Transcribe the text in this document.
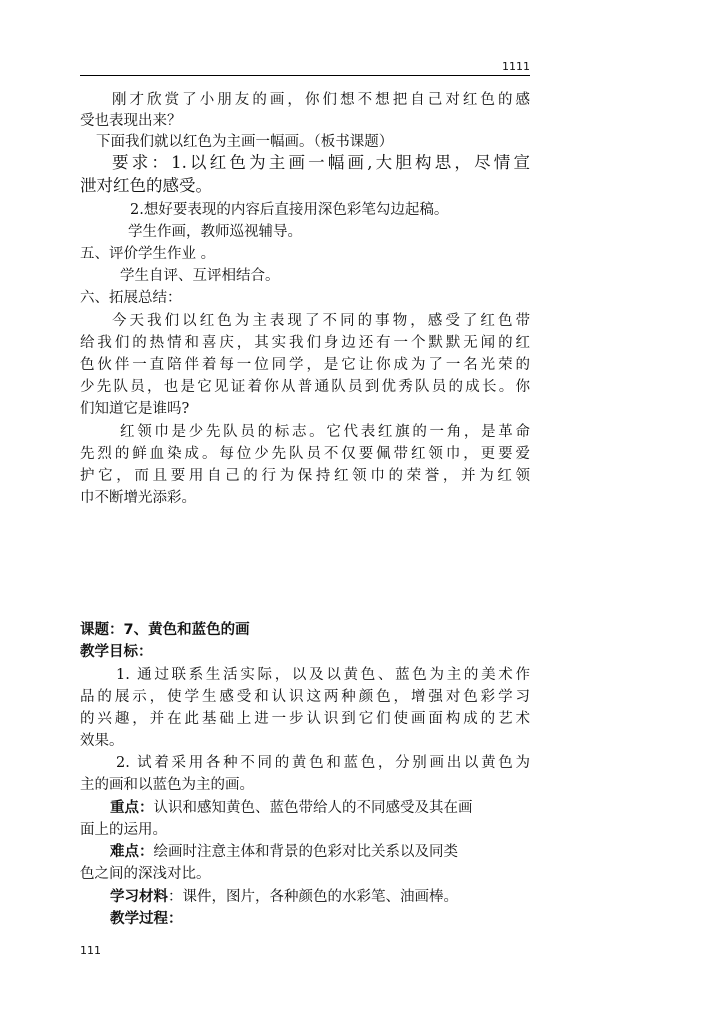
1111
刚才欣赏了小朋友的画，你们想不想把自己对红色的感
受也表现出来？
下面我们就以红色为主画一幅画。（板书课题）
要求：1.以红色为主画一幅画,大胆构思，尽情宣
泄对红色的感受。
2.想好要表现的内容后直接用深色彩笔勾边起稿。
学生作画，教师巡视辅导。
五、评价学生作业 。
学生自评、互评相结合。
六、拓展总结：
今天我们以红色为主表现了不同的事物，感受了红色带
给我们的热情和喜庆，其实我们身边还有一个默默无闻的红
色伙伴一直陪伴着每一位同学，是它让你成为了一名光荣的
少先队员，也是它见证着你从普通队员到优秀队员的成长。你
们知道它是谁吗?
红领巾是少先队员的标志。它代表红旗的一角，是革命
先烈的鲜血染成。每位少先队员不仅要佩带红领巾，更要爱
护它，而且要用自己的行为保持红领巾的荣誉，并为红领
巾不断增光添彩。
课题：7、黄色和蓝色的画
教学目标：
1. 通过联系生活实际，以及以黄色、蓝色为主的美术作
品的展示，使学生感受和认识这两种颜色，增强对色彩学习
的兴趣，并在此基础上进一步认识到它们使画面构成的艺术
效果。
2. 试着采用各种不同的黄色和蓝色，分别画出以黄色为
主的画和以蓝色为主的画。
重点：认识和感知黄色、蓝色带给人的不同感受及其在画
面上的运用。
难点：绘画时注意主体和背景的色彩对比关系以及同类
色之间的深浅对比。
学习材料：课件，图片，各种颜色的水彩笔、油画棒。
教学过程：
111
